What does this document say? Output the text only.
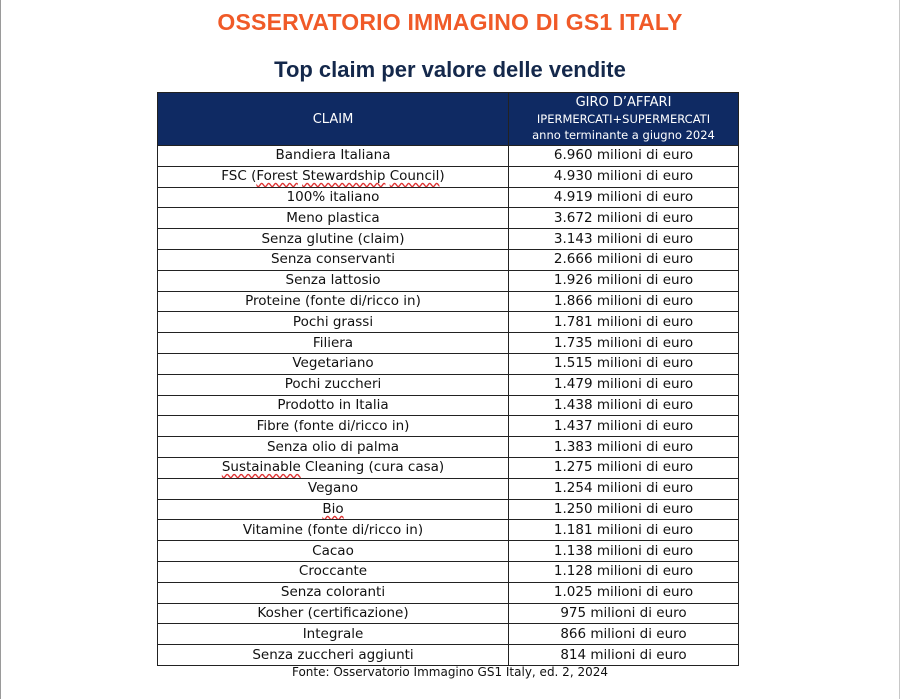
OSSERVATORIO IMMAGINO DI GS1 ITALY
Top claim per valore delle vendite
CLAIM	GIRO D’AFFARI
IPERMERCATI+SUPERMERCATI
anno terminante a giugno 2024

Bandiera Italiana	6.960 milioni di euro
FSC (Forest Stewardship Council)	4.930 milioni di euro
100% italiano	4.919 milioni di euro
Meno plastica	3.672 milioni di euro
Senza glutine (claim)	3.143 milioni di euro
Senza conservanti	2.666 milioni di euro
Senza lattosio	1.926 milioni di euro
Proteine (fonte di/ricco in)	1.866 milioni di euro
Pochi grassi	1.781 milioni di euro
Filiera	1.735 milioni di euro
Vegetariano	1.515 milioni di euro
Pochi zuccheri	1.479 milioni di euro
Prodotto in Italia	1.438 milioni di euro
Fibre (fonte di/ricco in)	1.437 milioni di euro
Senza olio di palma	1.383 milioni di euro
Sustainable Cleaning (cura casa)	1.275 milioni di euro
Vegano	1.254 milioni di euro
Bio	1.250 milioni di euro
Vitamine (fonte di/ricco in)	1.181 milioni di euro
Cacao	1.138 milioni di euro
Croccante	1.128 milioni di euro
Senza coloranti	1.025 milioni di euro
Kosher (certificazione)	975 milioni di euro
Integrale	866 milioni di euro
Senza zuccheri aggiunti	814 milioni di euro
Fonte: Osservatorio Immagino GS1 Italy, ed. 2, 2024
